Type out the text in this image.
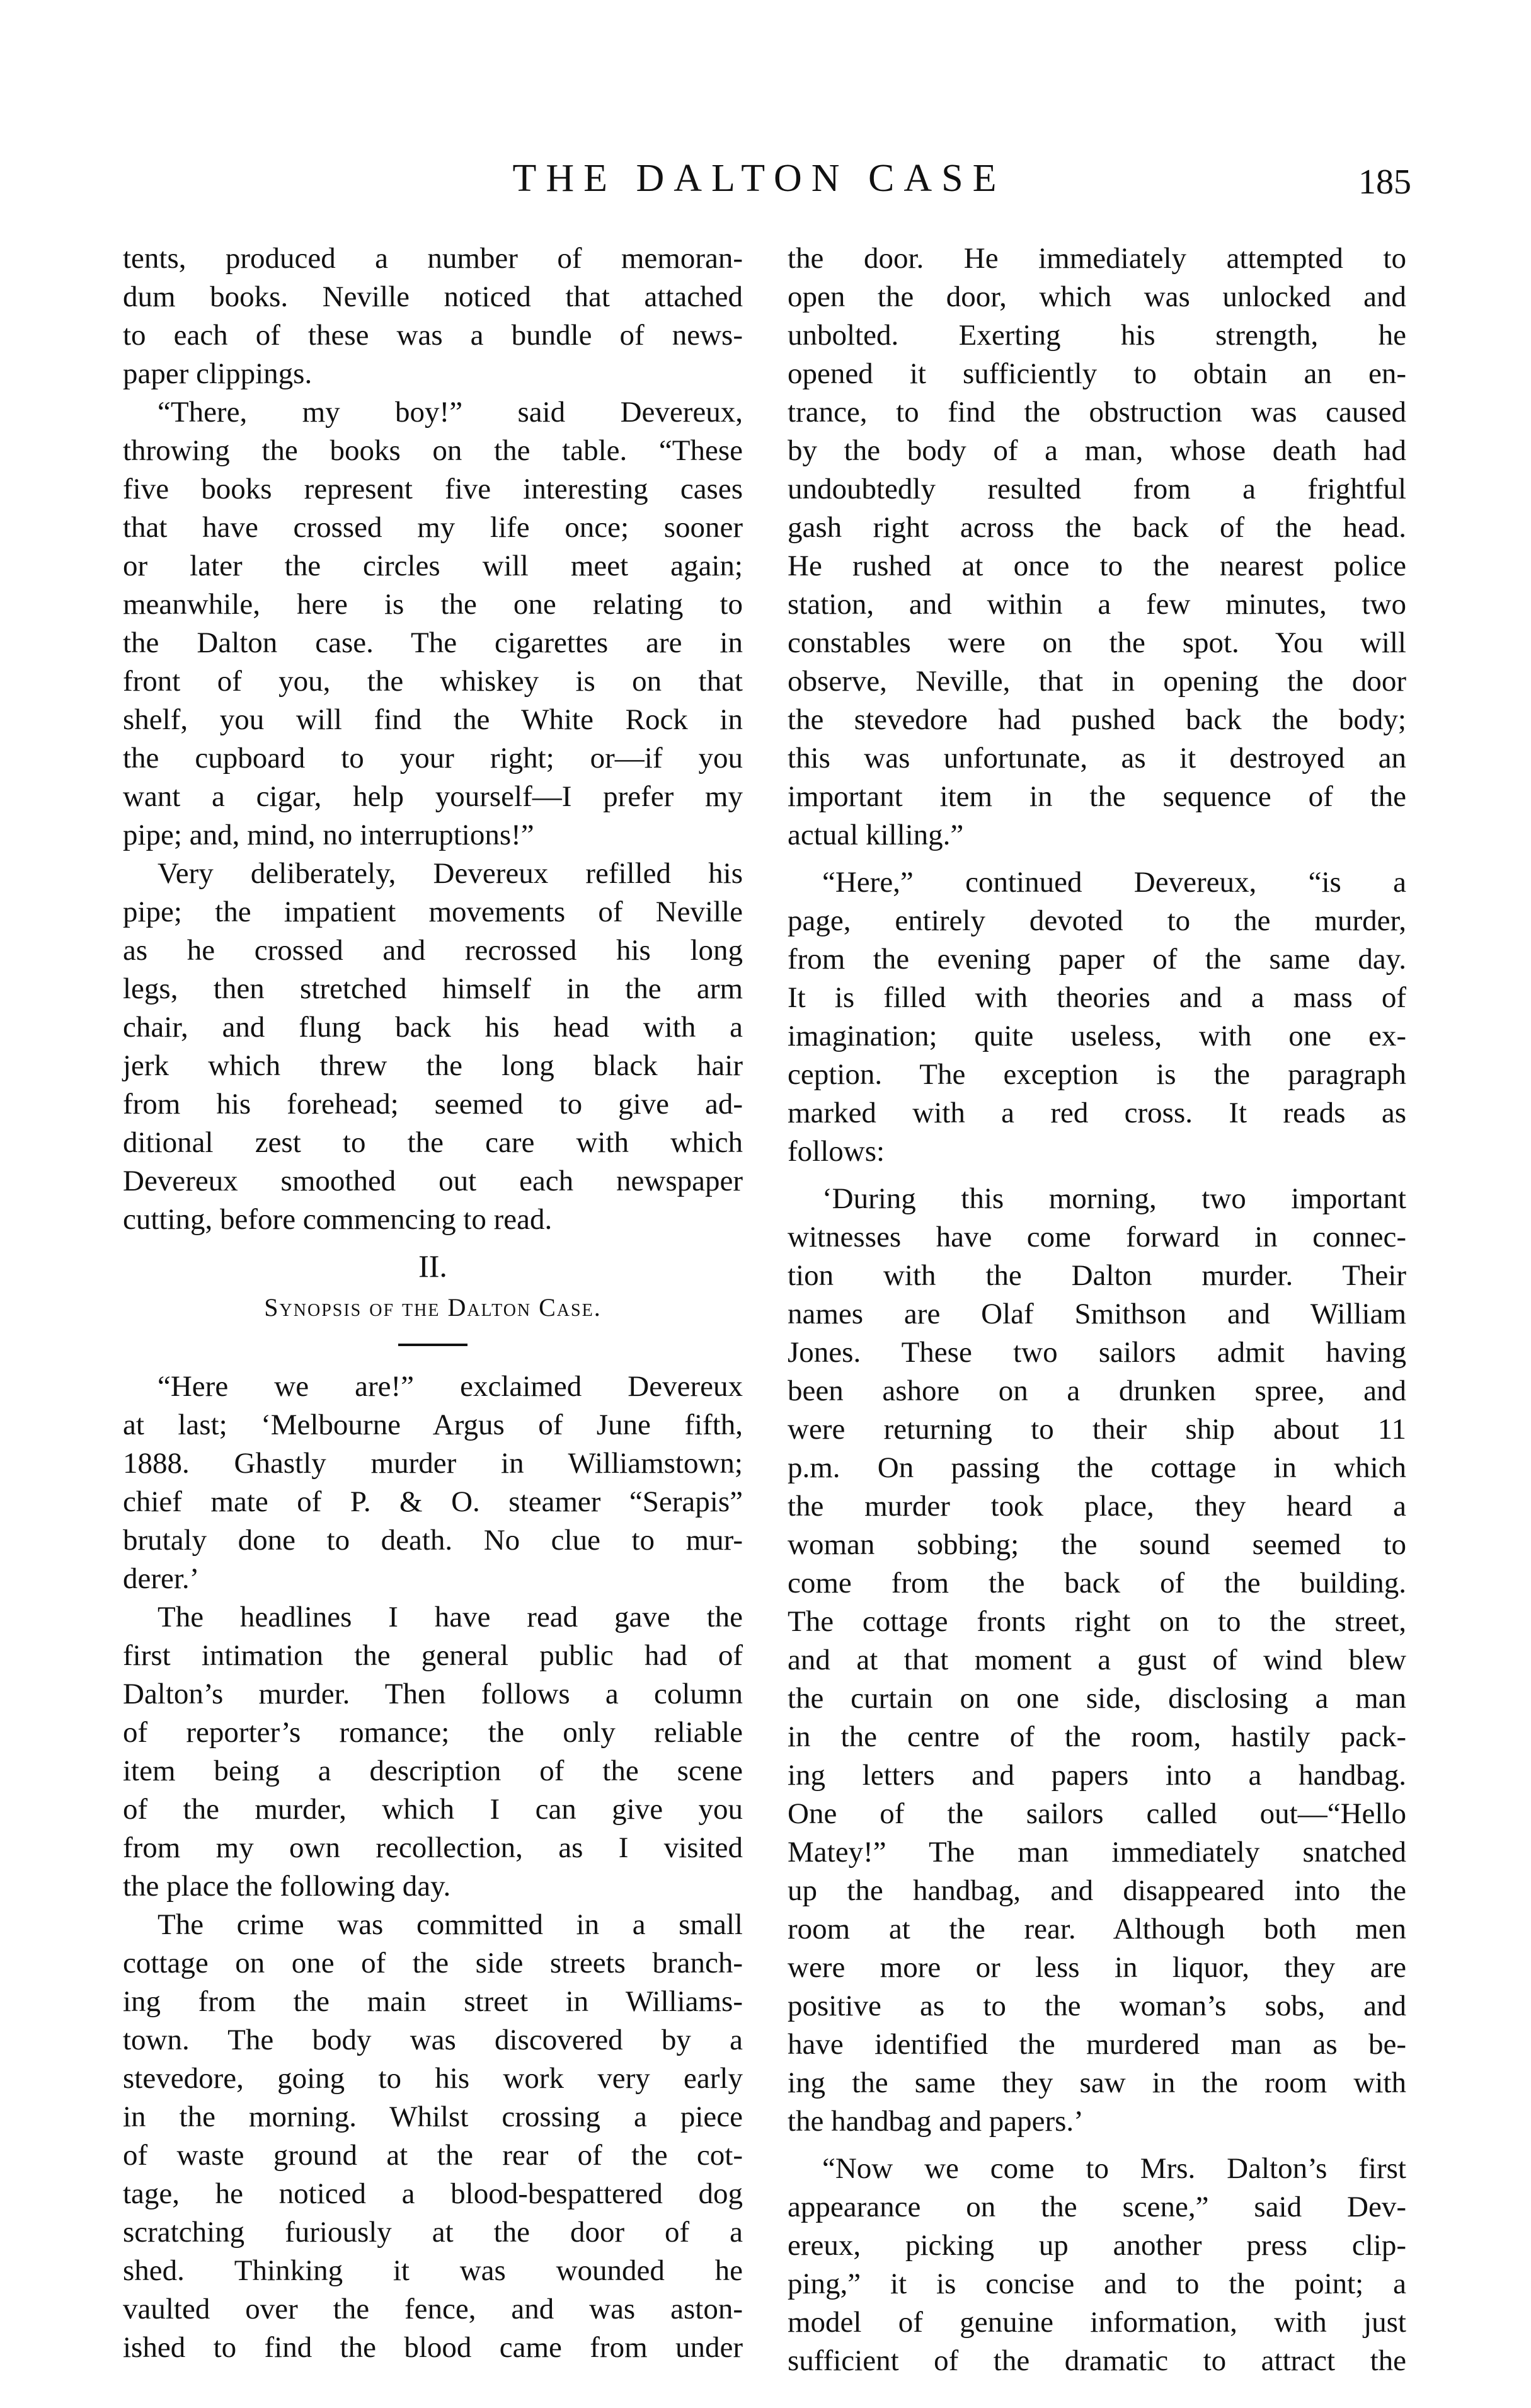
THE DALTON CASE	185
tents, produced a number of memoran-
dum books. Neville noticed that attached
to each of these was a bundle of news-
paper clippings.
“There, my boy!” said Devereux,
throwing the books on the table. “These
five books represent five interesting cases
that have crossed my life once; sooner
or later the circles will meet again;
meanwhile, here is the one relating to
the Dalton case. The cigarettes are in
front of you, the whiskey is on that
shelf, you will find the White Rock in
the cupboard to your right; or—if you
want a cigar, help yourself—I prefer my
pipe; and, mind, no interruptions!”
Very deliberately, Devereux refilled his
pipe; the impatient movements of Neville
as he crossed and recrossed his long
legs, then stretched himself in the arm
chair, and flung back his head with a
jerk which threw the long black hair
from his forehead; seemed to give ad-
ditional zest to the care with which
Devereux smoothed out each newspaper
cutting, before commencing to read.
II.
Synopsis of the Dalton Case.
“Here we are!” exclaimed Devereux
at last; ‘Melbourne Argus of June fifth,
1888. Ghastly murder in Williamstown;
chief mate of P. & O. steamer “Serapis”
brutaly done to death. No clue to mur-
derer.’
The headlines I have read gave the
first intimation the general public had of
Dalton’s murder. Then follows a column
of reporter’s romance; the only reliable
item being a description of the scene
of the murder, which I can give you
from my own recollection, as I visited
the place the following day.
The crime was committed in a small
cottage on one of the side streets branch-
ing from the main street in Williams-
town. The body was discovered by a
stevedore, going to his work very early
in the morning. Whilst crossing a piece
of waste ground at the rear of the cot-
tage, he noticed a blood-bespattered dog
scratching furiously at the door of a
shed. Thinking it was wounded he
vaulted over the fence, and was aston-
ished to find the blood came from under
the door. He immediately attempted to
open the door, which was unlocked and
unbolted. Exerting his strength, he
opened it sufficiently to obtain an en-
trance, to find the obstruction was caused
by the body of a man, whose death had
undoubtedly resulted from a frightful
gash right across the back of the head.
He rushed at once to the nearest police
station, and within a few minutes, two
constables were on the spot. You will
observe, Neville, that in opening the door
the stevedore had pushed back the body;
this was unfortunate, as it destroyed an
important item in the sequence of the
actual killing.”
“Here,” continued Devereux, “is a
page, entirely devoted to the murder,
from the evening paper of the same day.
It is filled with theories and a mass of
imagination; quite useless, with one ex-
ception. The exception is the paragraph
marked with a red cross. It reads as
follows:
‘During this morning, two important
witnesses have come forward in connec-
tion with the Dalton murder. Their
names are Olaf Smithson and William
Jones. These two sailors admit having
been ashore on a drunken spree, and
were returning to their ship about 11
p.m. On passing the cottage in which
the murder took place, they heard a
woman sobbing; the sound seemed to
come from the back of the building.
The cottage fronts right on to the street,
and at that moment a gust of wind blew
the curtain on one side, disclosing a man
in the centre of the room, hastily pack-
ing letters and papers into a handbag.
One of the sailors called out—“Hello
Matey!” The man immediately snatched
up the handbag, and disappeared into the
room at the rear. Although both men
were more or less in liquor, they are
positive as to the woman’s sobs, and
have identified the murdered man as be-
ing the same they saw in the room with
the handbag and papers.’
“Now we come to Mrs. Dalton’s first
appearance on the scene,” said Dev-
ereux, picking up another press clip-
ping,” it is concise and to the point; a
model of genuine information, with just
sufficient of the dramatic to attract the
